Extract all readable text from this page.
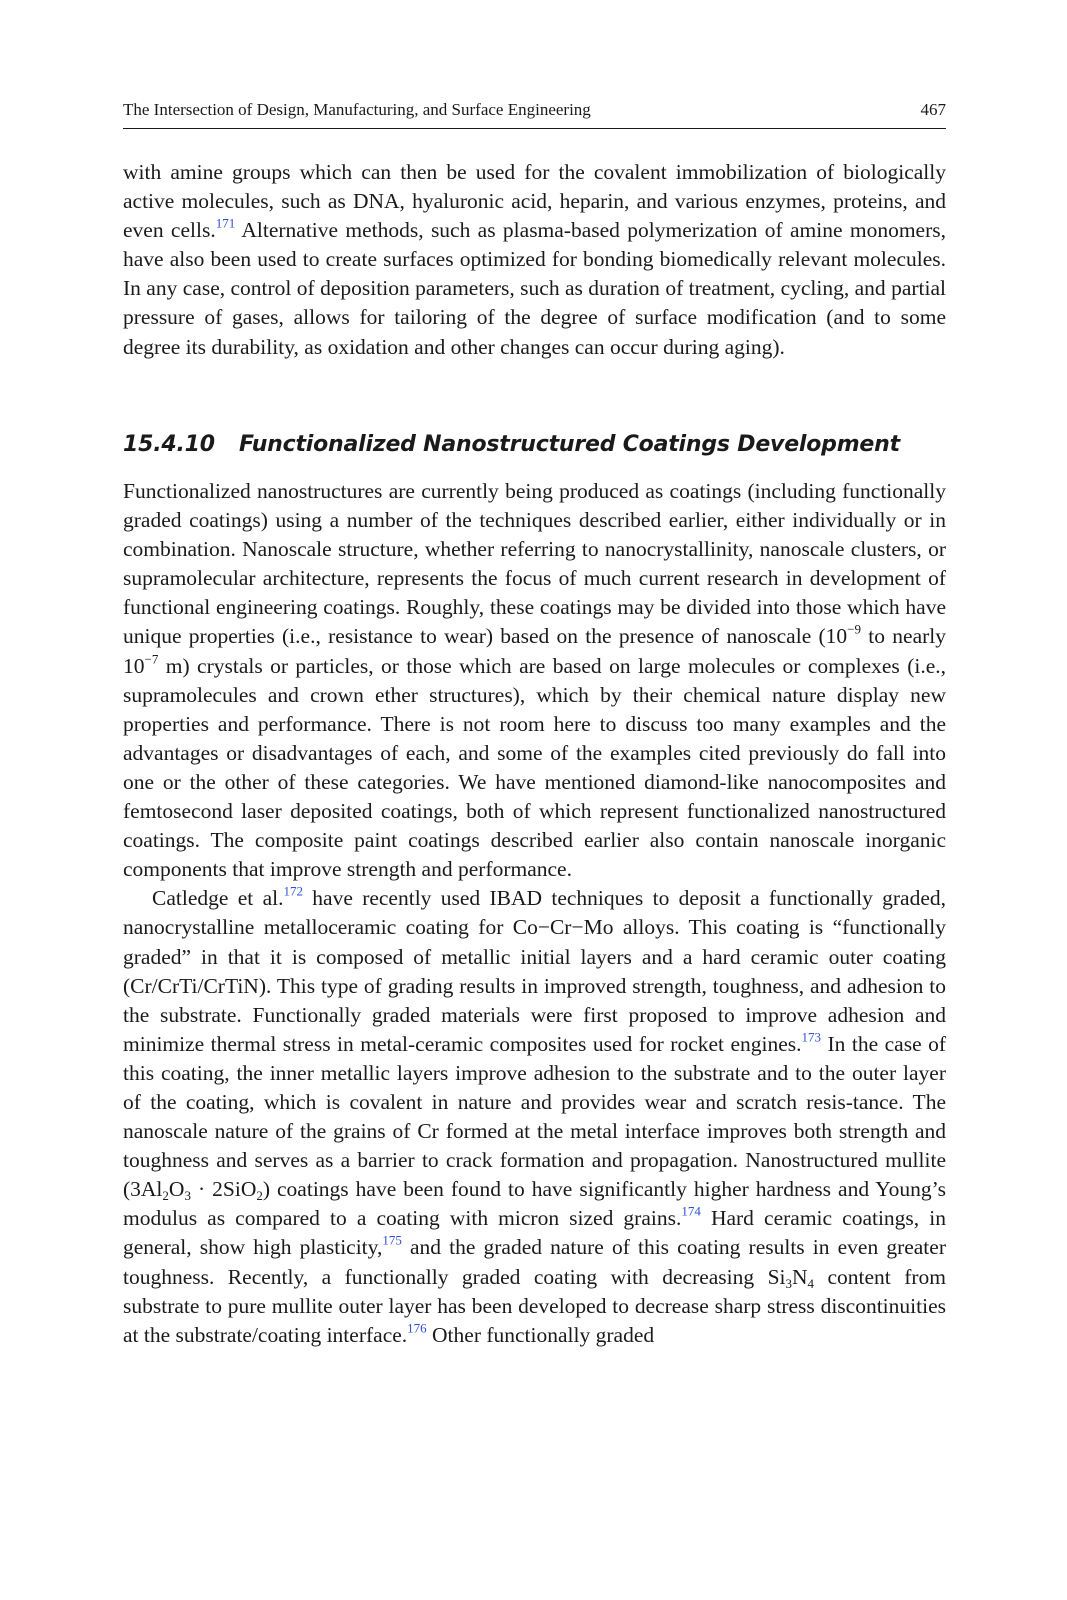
The Intersection of Design, Manufacturing, and Surface Engineering	467

with amine groups which can then be used for the covalent immobilization of biologically active molecules, such as DNA, hyaluronic acid, heparin, and various enzymes, proteins, and even cells.$^{171}$ Alternative methods, such as plasma-based polymerization of amine monomers, have also been used to create surfaces optimized for bonding biomedically relevant molecules. In any case, control of deposition parameters, such as duration of treatment, cycling, and partial pressure of gases, allows for tailoring of the degree of surface modification (and to some degree its durability, as oxidation and other changes can occur during aging).

15.4.10 Functionalized Nanostructured Coatings Development

Functionalized nanostructures are currently being produced as coatings (including functionally graded coatings) using a number of the techniques described earlier, either individually or in combination. Nanoscale structure, whether referring to nanocrystallinity, nanoscale clusters, or supramolecular architecture, represents the focus of much current research in development of functional engineering coatings. Roughly, these coatings may be divided into those which have unique properties (i.e., resistance to wear) based on the presence of nanoscale ($10^{-9}$ to nearly $10^{-7}$ m) crystals or particles, or those which are based on large molecules or complexes (i.e., supramolecules and crown ether structures), which by their chemical nature display new properties and performance. There is not room here to discuss too many examples and the advantages or disadvantages of each, and some of the examples cited previously do fall into one or the other of these categories. We have mentioned diamond-like nanocomposites and femtosecond laser deposited coatings, both of which represent functionalized nanostructured coatings. The composite paint coatings described earlier also contain nanoscale inorganic components that improve strength and performance.

Catledge et al.$^{172}$ have recently used IBAD techniques to deposit a functionally graded, nanocrystalline metalloceramic coating for Co−Cr−Mo alloys. This coating is “functionally graded” in that it is composed of metallic initial layers and a hard ceramic outer coating (Cr/CrTi/CrTiN). This type of grading results in improved strength, toughness, and adhesion to the substrate. Functionally graded materials were first proposed to improve adhesion and minimize thermal stress in metal-ceramic composites used for rocket engines.$^{173}$ In the case of this coating, the inner metallic layers improve adhesion to the substrate and to the outer layer of the coating, which is covalent in nature and provides wear and scratch resis-tance. The nanoscale nature of the grains of Cr formed at the metal interface improves both strength and toughness and serves as a barrier to crack formation and propagation. Nanostructured mullite $(3Al_2O_3 \cdot 2SiO_2)$ coatings have been found to have significantly higher hardness and Young’s modulus as compared to a coating with micron sized grains.$^{174}$ Hard ceramic coatings, in general, show high plasticity,$^{175}$ and the graded nature of this coating results in even greater toughness. Recently, a functionally graded coating with decreasing $Si_3N_4$ content from substrate to pure mullite outer layer has been developed to decrease sharp stress discontinuities at the substrate/coating interface.$^{176}$ Other functionally graded
